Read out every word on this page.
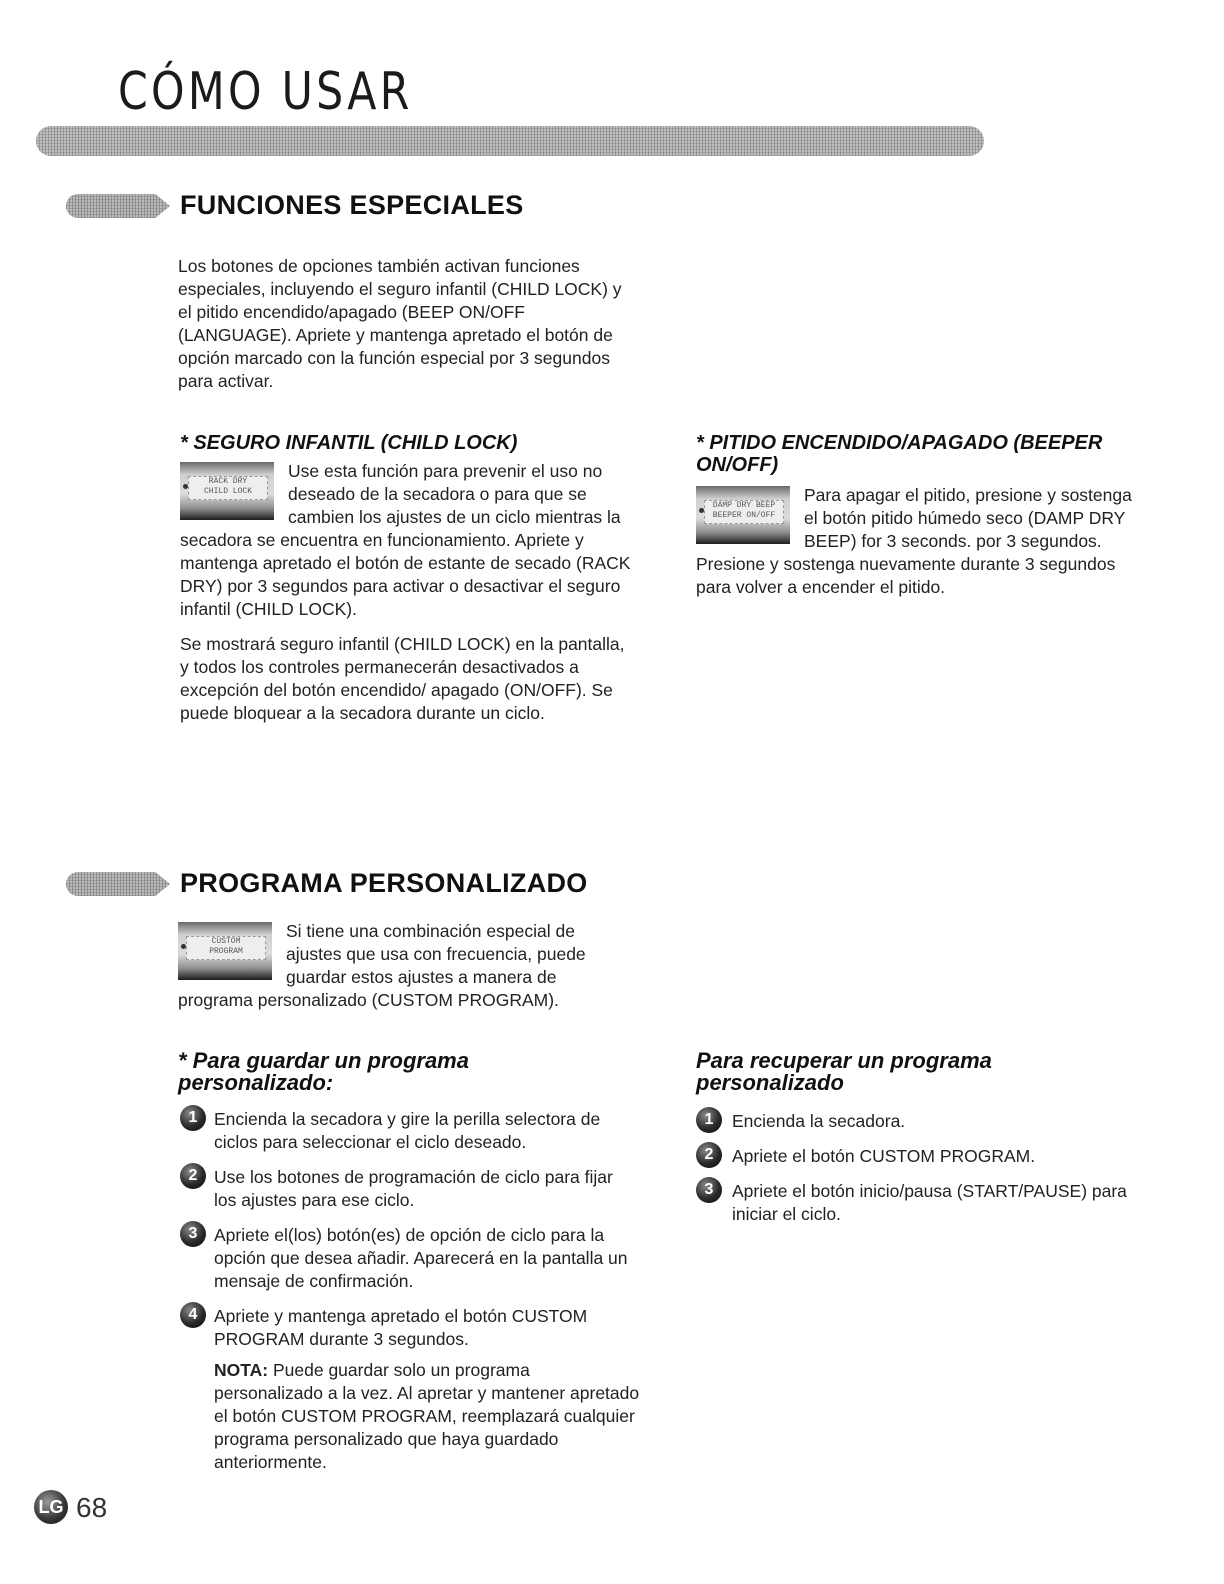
CÓMO USAR
FUNCIONES ESPECIALES

Los botones de opciones también activan funciones especiales, incluyendo el seguro infantil (CHILD LOCK) y el pitido encendido/apagado (BEEP ON/OFF (LANGUAGE). Apriete y mantenga apretado el botón de opción marcado con la función especial por 3 segundos para activar.

* SEGURO INFANTIL (CHILD LOCK)
RACK DRY
CHILD LOCK

Use esta función para prevenir el uso no deseado de la secadora o para que se cambien los ajustes de un ciclo mientras la secadora se encuentra en funcionamiento. Apriete y mantenga apretado el botón de estante de secado (RACK DRY) por 3 segundos para activar o desactivar el seguro infantil (CHILD LOCK).

Se mostrará seguro infantil (CHILD LOCK) en la pantalla, y todos los controles permanecerán desactivados a excepción del botón encendido/ apagado (ON/OFF). Se puede bloquear a la secadora durante un ciclo.

* PITIDO ENCENDIDO/APAGADO (BEEPER ON/OFF)
DAMP DRY BEEP
BEEPER ON/OFF

Para apagar el pitido, presione y sostenga el botón pitido húmedo seco (DAMP DRY BEEP) for 3 seconds. por 3 segundos. Presione y sostenga nuevamente durante 3 segundos para volver a encender el pitido.

PROGRAMA PERSONALIZADO
CUSTOM
PROGRAM

Si tiene una combinación especial de ajustes que usa con frecuencia, puede guardar estos ajustes a manera de programa personalizado (CUSTOM PROGRAM).

* Para guardar un programa personalizado:
1 Encienda la secadora y gire la perilla selectora de ciclos para seleccionar el ciclo deseado.

2 Use los botones de programación de ciclo para fijar los ajustes para ese ciclo.

3 Apriete el(los) botón(es) de opción de ciclo para la opción que desea añadir. Aparecerá en la pantalla un mensaje de confirmación.

4 Apriete y mantenga apretado el botón CUSTOM PROGRAM durante 3 segundos.

NOTA: Puede guardar solo un programa personalizado a la vez. Al apretar y mantener apretado el botón CUSTOM PROGRAM, reemplazará cualquier programa personalizado que haya guardado anteriormente.

Para recuperar un programa personalizado
1	Encienda la secadora.

2	Apriete el botón CUSTOM PROGRAM.

3	Apriete el botón inicio/pausa (START/PAUSE) para iniciar el ciclo.

LG 68
